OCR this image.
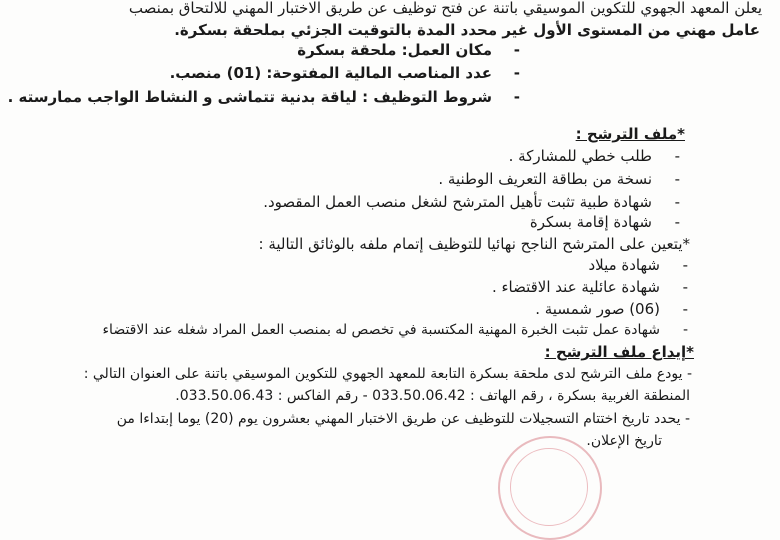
يعلن المعهد الجهوي للتكوين الموسيقي باتنة عن فتح توظيف عن طريق الاختبار المهني للالتحاق بمنصب
عامل مهني من المستوى الأول غير محدد المدة بالتوقيت الجزئي بملحقة بسكرة.
-مكان العمل: ملحقة بسكرة
-عدد المناصب المالية المفتوحة: (01) منصب.
-شروط التوظيف : لياقة بدنية تتماشى و النشاط الواجب ممارسته .
*ملف الترشح :
-طلب خطي للمشاركة .
-نسخة من بطاقة التعريف الوطنية .
-شهادة طبية تثبت تأهيل المترشح لشغل منصب العمل المقصود.
-شهادة إقامة بسكرة
*يتعين على المترشح الناجح نهائيا للتوظيف إتمام ملفه بالوثائق التالية :
-شهادة ميلاد
-شهادة عائلية عند الاقتضاء .
-(06) صور شمسية .
-شهادة عمل تثبت الخبرة المهنية المكتسبة في تخصص له بمنصب العمل المراد شغله عند الاقتضاء
*إيداع ملف الترشح :
- يودع ملف الترشح لدى ملحقة بسكرة التابعة للمعهد الجهوي للتكوين الموسيقي باتنة على العنوان التالي :
المنطقة الغربية بسكرة ، رقم الهاتف : 033.50.06.42 - رقم الفاكس : 033.50.06.43.
- يحدد تاريخ اختتام التسجيلات للتوظيف عن طريق الاختبار المهني بعشرون يوم (20) يوما إبتداءا من
تاريخ الإعلان.
